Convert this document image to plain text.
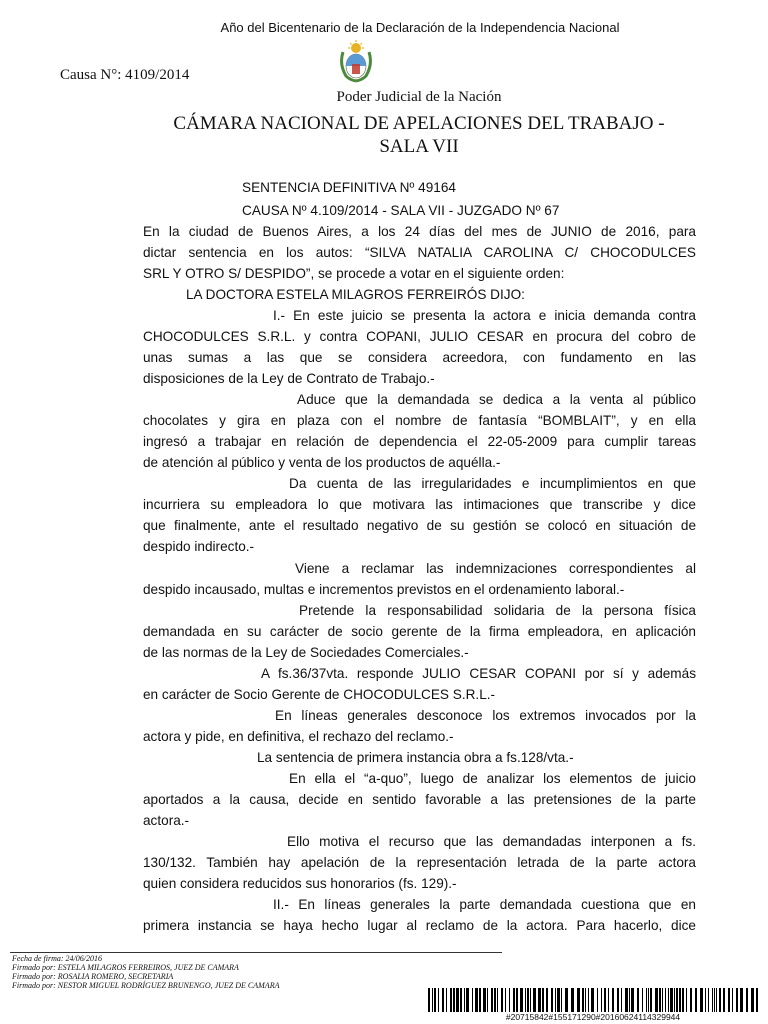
Año del Bicentenario de la Declaración de la Independencia Nacional
Causa N°: 4109/2014
Poder Judicial de la Nación
CÁMARA NACIONAL DE APELACIONES DEL TRABAJO -
SALA VII
SENTENCIA DEFINITIVA Nº 49164
CAUSA Nº 4.109/2014 - SALA VII - JUZGADO Nº 67
En la ciudad de Buenos Aires, a los 24 días del mes de JUNIO de 2016, para
dictar sentencia en los autos: “SILVA NATALIA CAROLINA C/ CHOCODULCES
SRL Y OTRO S/ DESPIDO”, se procede a votar en el siguiente orden:
LA DOCTORA ESTELA MILAGROS FERREIRÓS DIJO:
I.- En este juicio se presenta la actora e inicia demanda contra
CHOCODULCES S.R.L. y contra COPANI, JULIO CESAR en procura del cobro de
unas sumas a las que se considera acreedora, con fundamento en las
disposiciones de la Ley de Contrato de Trabajo.-
Aduce que la demandada se dedica a la venta al público
chocolates y gira en plaza con el nombre de fantasía “BOMBLAIT”, y en ella
ingresó a trabajar en relación de dependencia el 22-05-2009 para cumplir tareas
de atención al público y venta de los productos de aquélla.-
Da cuenta de las irregularidades e incumplimientos en que
incurriera su empleadora lo que motivara las intimaciones que transcribe y dice
que finalmente, ante el resultado negativo de su gestión se colocó en situación de
despido indirecto.-
Viene a reclamar las indemnizaciones correspondientes al
despido incausado, multas e incrementos previstos en el ordenamiento laboral.-
Pretende la responsabilidad solidaria de la persona física
demandada en su carácter de socio gerente de la firma empleadora, en aplicación
de las normas de la Ley de Sociedades Comerciales.-
A fs.36/37vta. responde JULIO CESAR COPANI por sí y además
en carácter de Socio Gerente de CHOCODULCES S.R.L.-
En líneas generales desconoce los extremos invocados por la
actora y pide, en definitiva, el rechazo del reclamo.-
La sentencia de primera instancia obra a fs.128/vta.-
En ella el “a-quo”, luego de analizar los elementos de juicio
aportados a la causa, decide en sentido favorable a las pretensiones de la parte
actora.-
Ello motiva el recurso que las demandadas interponen a fs.
130/132. También hay apelación de la representación letrada de la parte actora
quien considera reducidos sus honorarios (fs. 129).-
II.- En líneas generales la parte demandada cuestiona que en
primera instancia se haya hecho lugar al reclamo de la actora. Para hacerlo, dice
Fecha de firma: 24/06/2016
Firmado por: ESTELA MILAGROS FERREIROS, JUEZ DE CAMARA
Firmado por: ROSALIA ROMERO, SECRETARIA
Firmado por: NESTOR MIGUEL RODRÍGUEZ BRUNENGO, JUEZ DE CAMARA
#20715842#155171290#20160624114329944
